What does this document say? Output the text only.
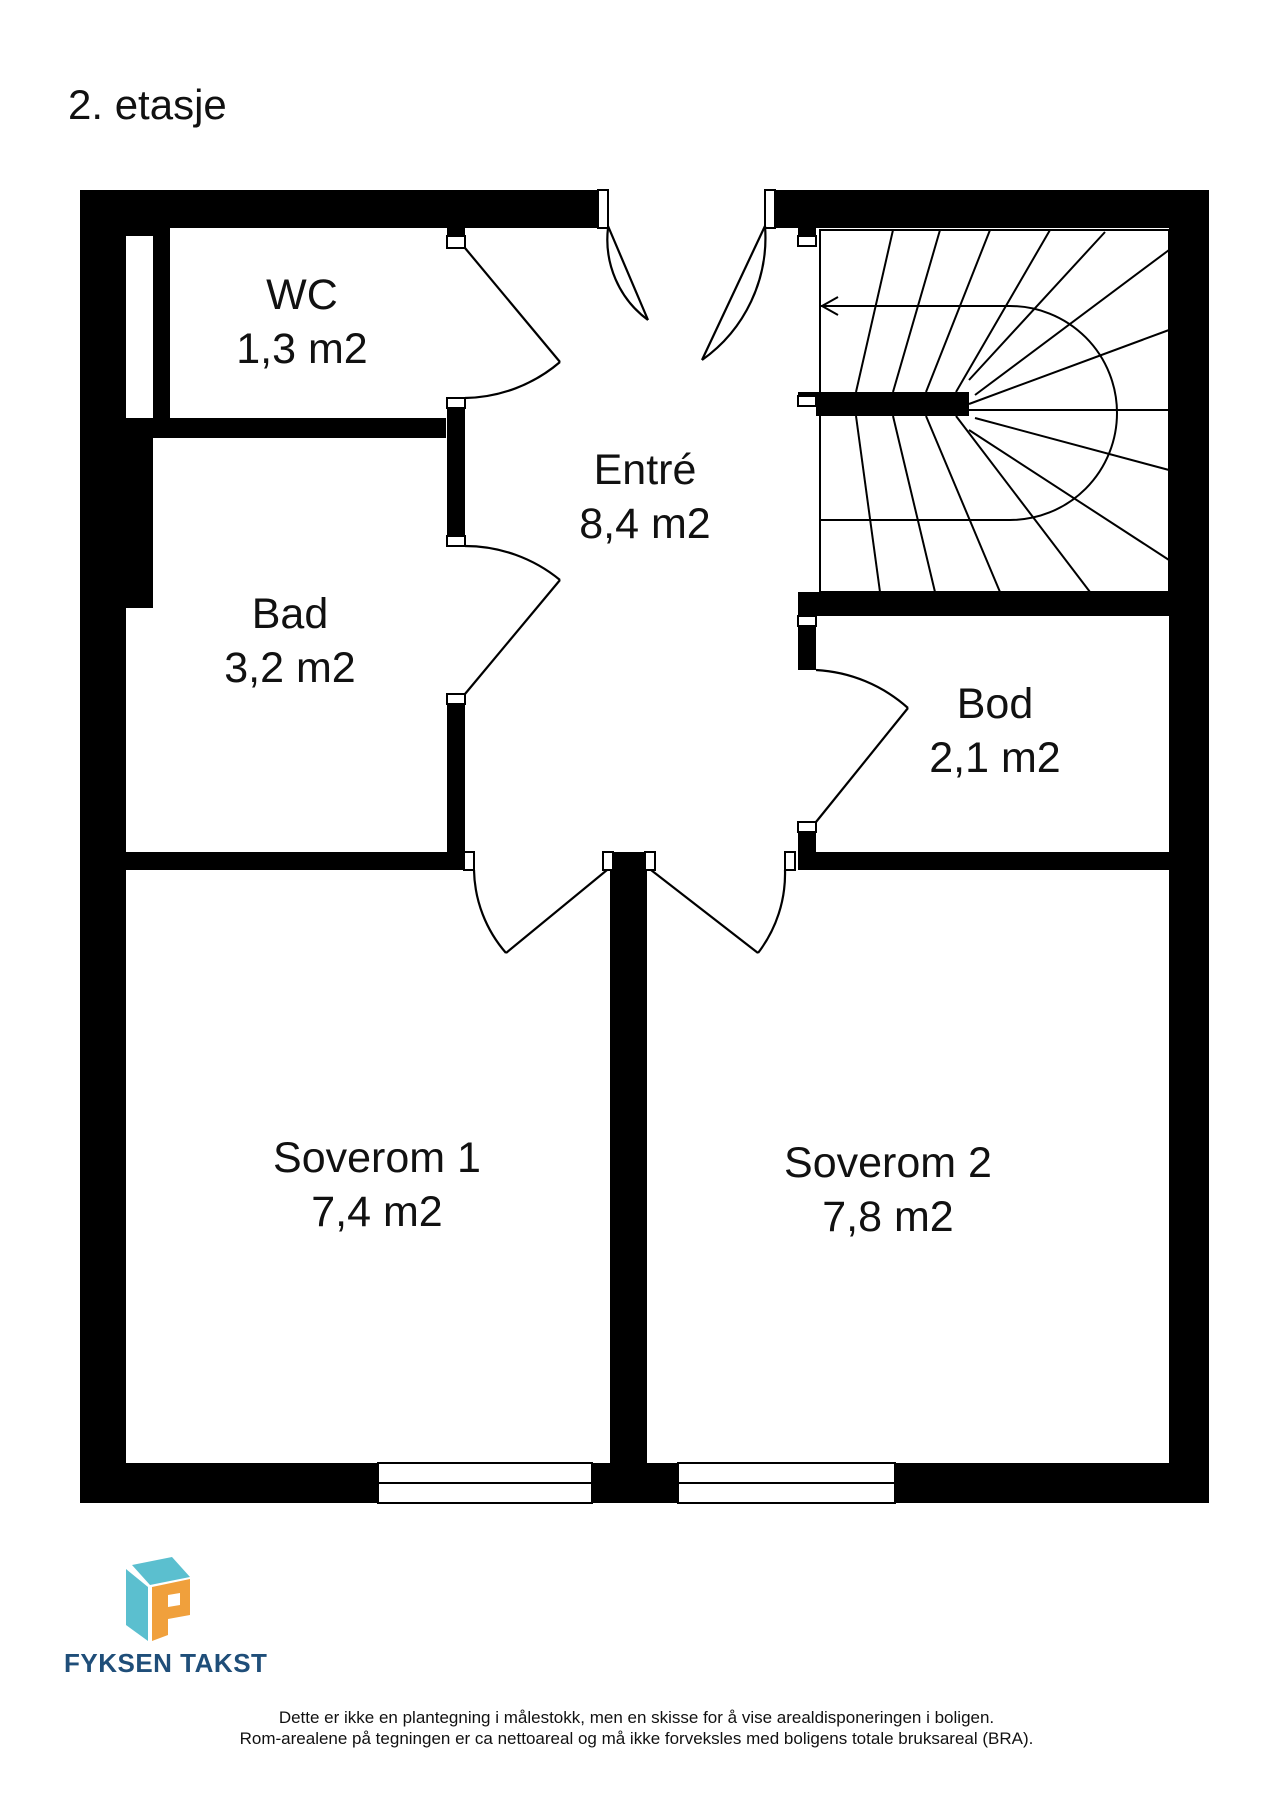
2. etasje
WC
1,3 m2
Bad
3,2 m2
Entré
8,4 m2
Bod
2,1 m2
Soverom 1
7,4 m2
Soverom 2
7,8 m2
FYKSEN TAKST
Dette er ikke en plantegning i målestokk, men en skisse for å vise arealdisponeringen i boligen.
Rom-arealene på tegningen er ca nettoareal og må ikke forveksles med boligens totale bruksareal (BRA).
